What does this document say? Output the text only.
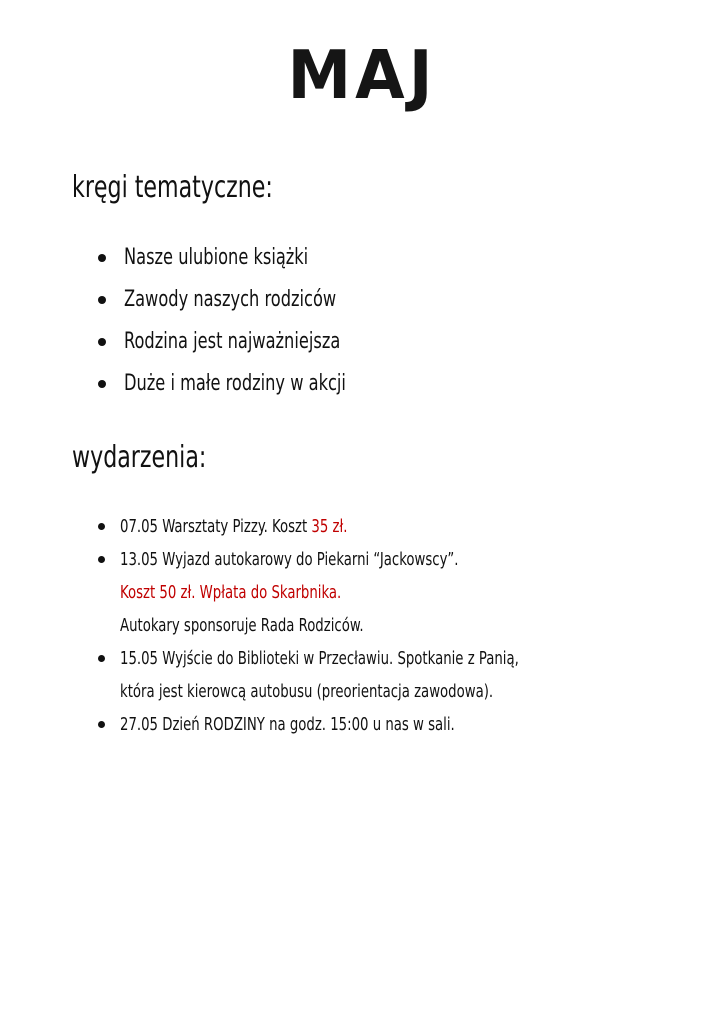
MAJ
kręgi tematyczne:
Nasze ulubione książki
Zawody naszych rodziców
Rodzina jest najważniejsza
Duże i małe rodziny w akcji
wydarzenia:
07.05 Warsztaty Pizzy. Koszt 35 zł.
13.05 Wyjazd autokarowy do Piekarni “Jackowscy”.
Koszt 50 zł. Wpłata do Skarbnika.
Autokary sponsoruje Rada Rodziców.
15.05 Wyjście do Biblioteki w Przecławiu. Spotkanie z Panią,
która jest kierowcą autobusu (preorientacja zawodowa).
27.05 Dzień RODZINY na godz. 15:00 u nas w sali.
